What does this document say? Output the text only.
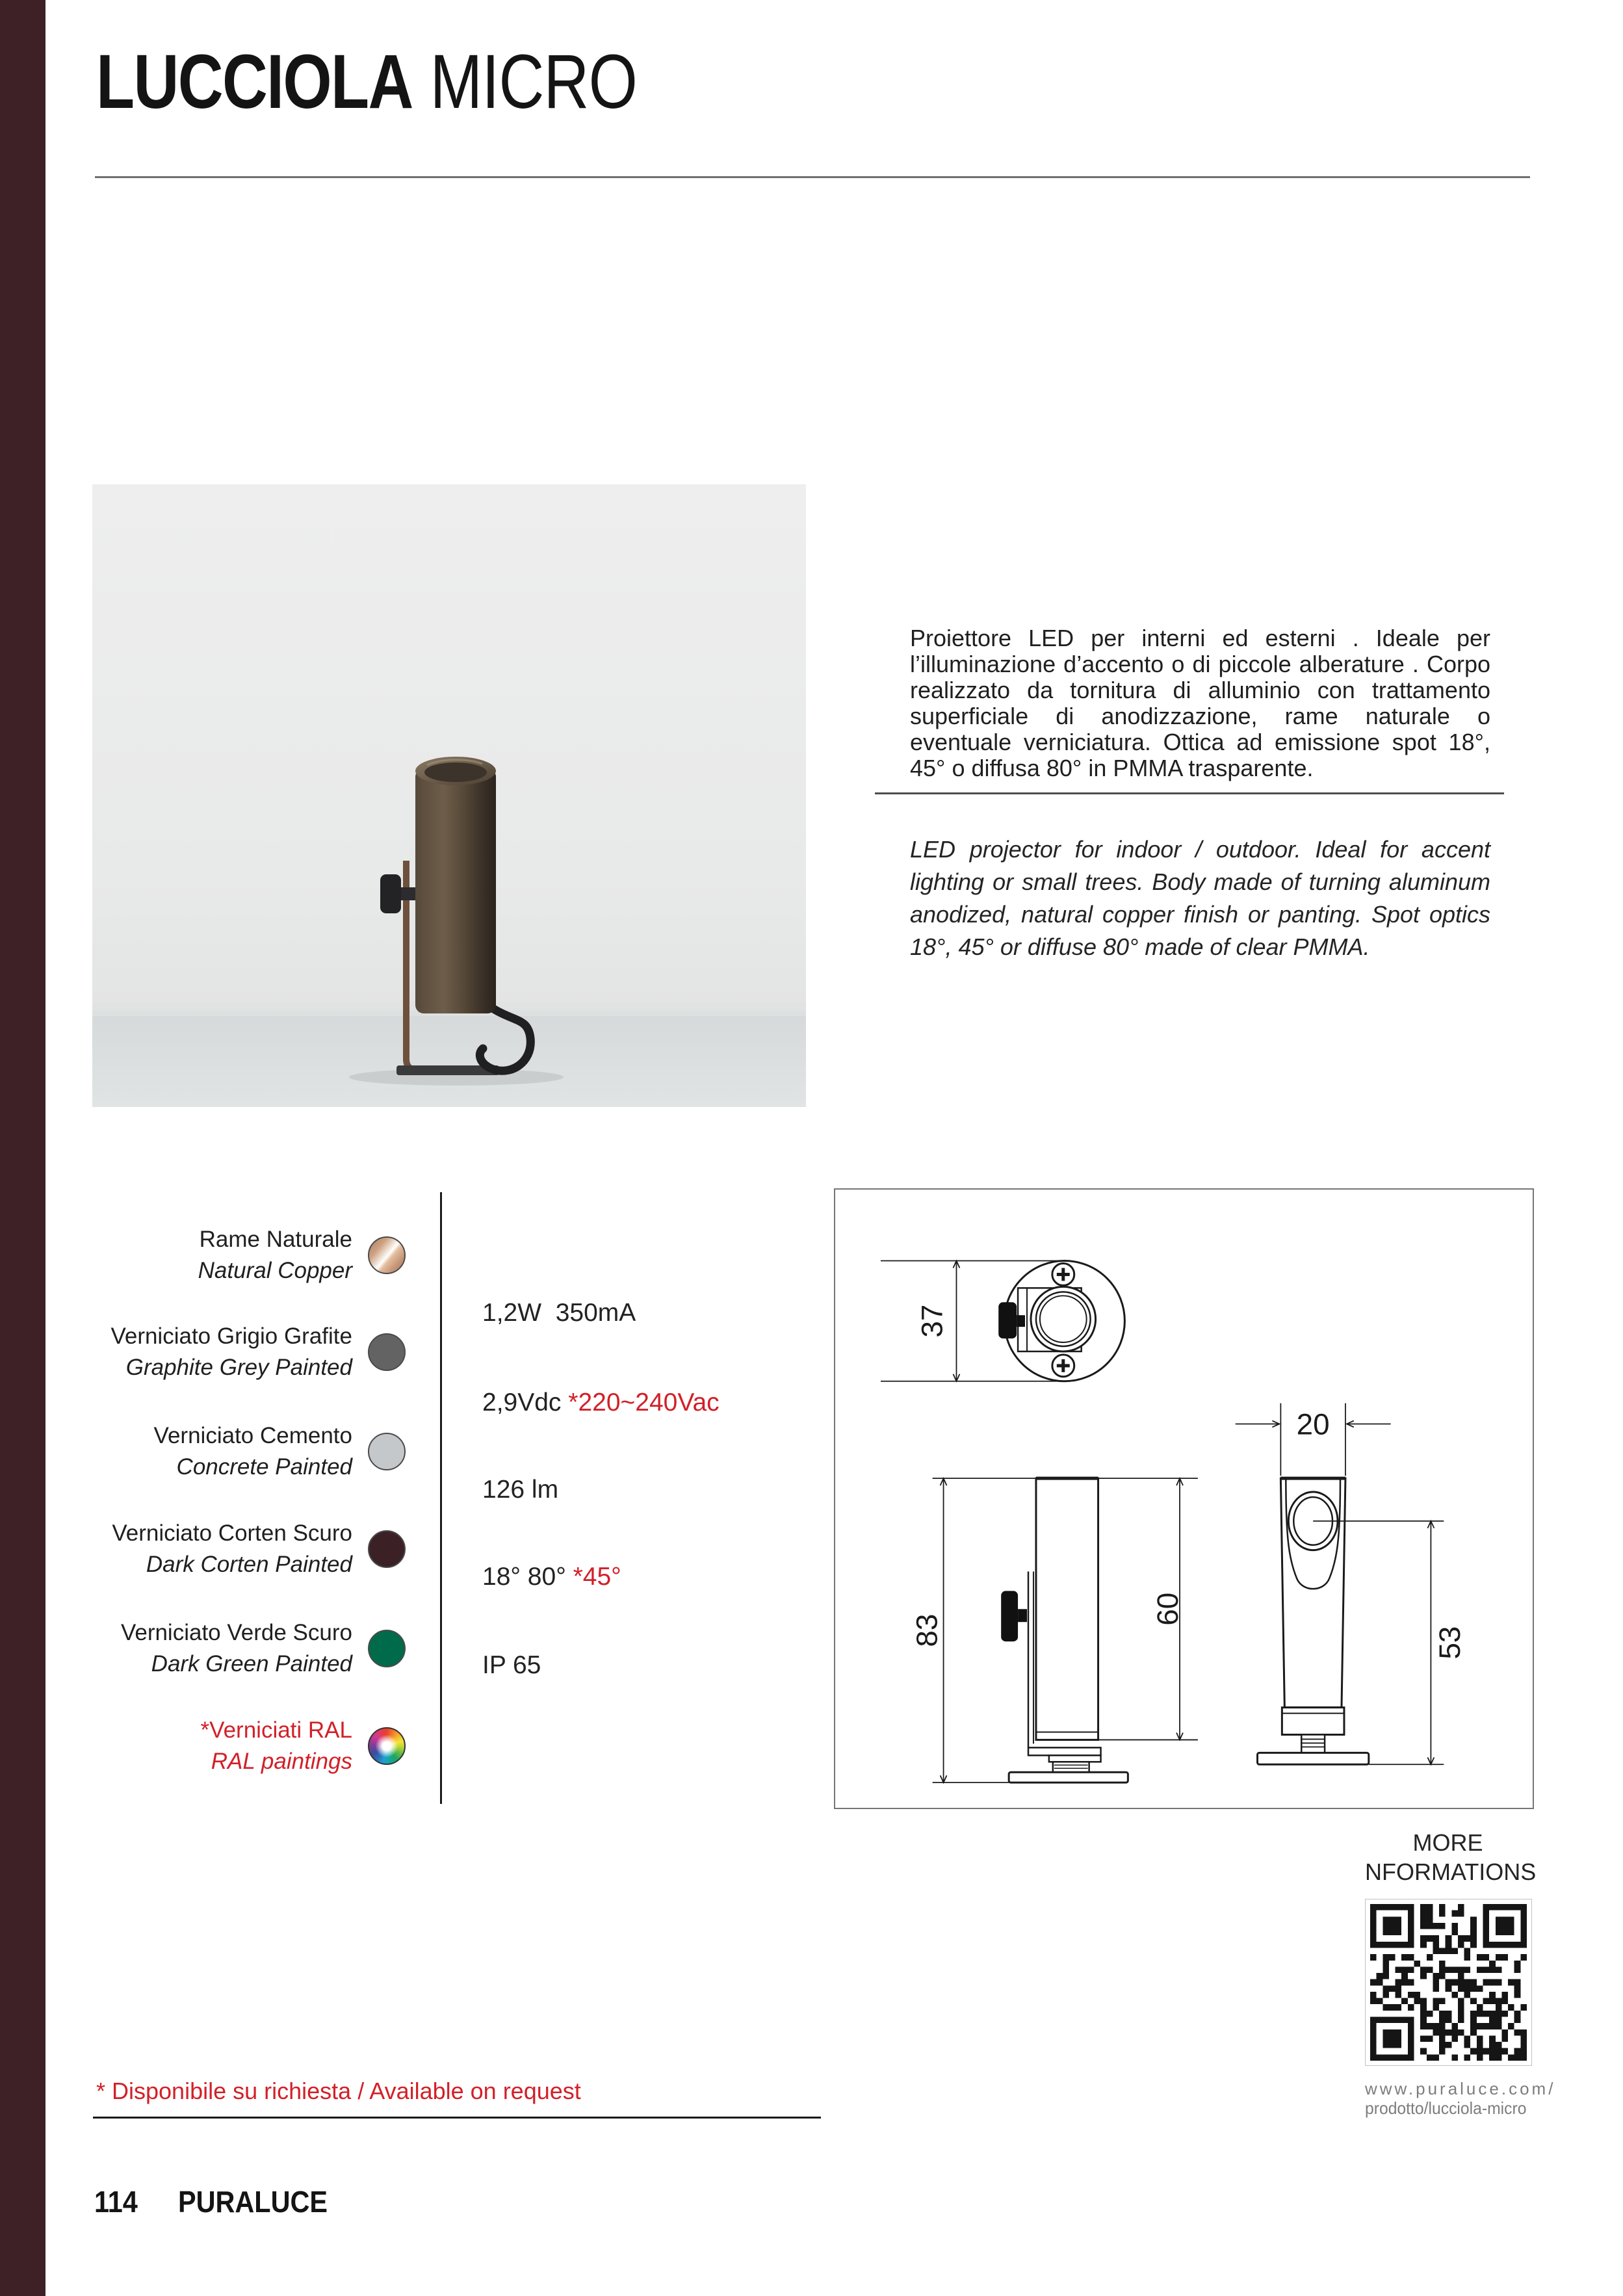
LUCCIOLA MICRO
Proiettore LED per interni ed esterni . Ideale per l’illuminazione d’accento o di piccole alberature . Corpo realizzato da tornitura di alluminio con trattamento superficiale di anodizzazione, rame naturale o eventuale verniciatura. Ottica ad emissione spot 18°, 45° o diffusa 80° in PMMA trasparente.
LED projector for indoor / outdoor. Ideal for accent lighting or small trees. Body made of turning aluminum anodized, natural copper finish or panting. Spot optics 18°, 45° or diffuse 80° made of clear PMMA.
Rame Naturale
Natural Copper
Verniciato Grigio Grafite
Graphite Grey Painted
Verniciato Cemento
Concrete Painted
Verniciato Corten Scuro
Dark Corten Painted
Verniciato Verde Scuro
Dark Green Painted
*Verniciati RAL
RAL paintings
1,2W  350mA
2,9Vdc *220~240Vac
126 lm
18° 80° *45°
IP 65
37
20
83
60
53
MORE
NFORMATIONS
www.puraluce.com/
prodotto/lucciola-micro
* Disponibile su richiesta / Available on request
114 PURALUCE
